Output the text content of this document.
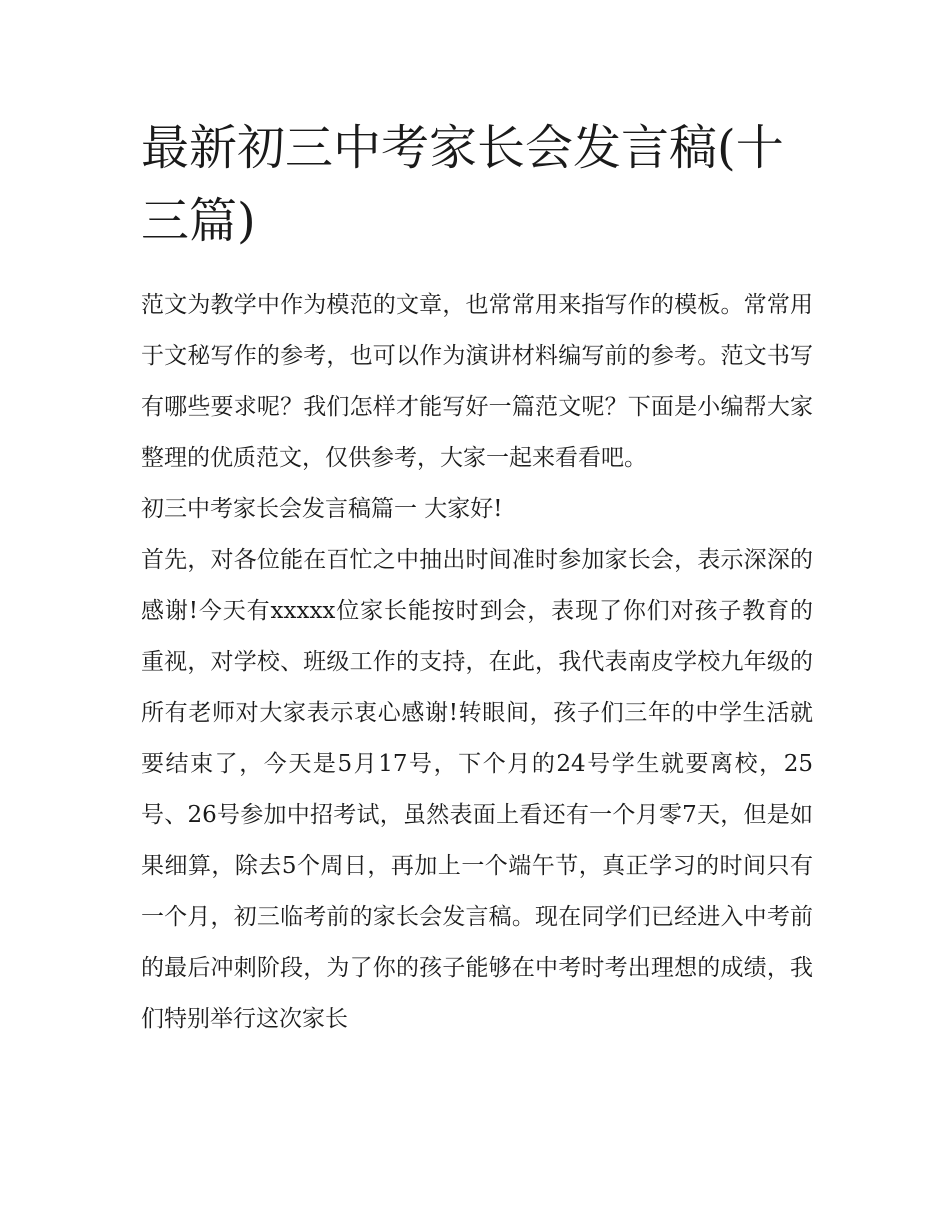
最新初三中考家长会发言稿(十三篇)

范文为教学中作为模范的文章，也常常用来指写作的模板。常常用于文秘写作的参考，也可以作为演讲材料编写前的参考。范文书写有哪些要求呢？我们怎样才能写好一篇范文呢？下面是小编帮大家整理的优质范文，仅供参考，大家一起来看看吧。

初三中考家长会发言稿篇一 大家好!

首先，对各位能在百忙之中抽出时间准时参加家长会，表示深深的感谢!今天有xxxxx位家长能按时到会，表现了你们对孩子教育的重视，对学校、班级工作的支持，在此，我代表南皮学校九年级的所有老师对大家表示衷心感谢!转眼间，孩子们三年的中学生活就要结束了，今天是5月17号，下个月的24号学生就要离校，25号、26号参加中招考试，虽然表面上看还有一个月零7天，但是如果细算，除去5个周日，再加上一个端午节，真正学习的时间只有一个月，初三临考前的家长会发言稿。现在同学们已经进入中考前的最后冲刺阶段，为了你的孩子能够在中考时考出理想的成绩，我们特别举行这次家长
